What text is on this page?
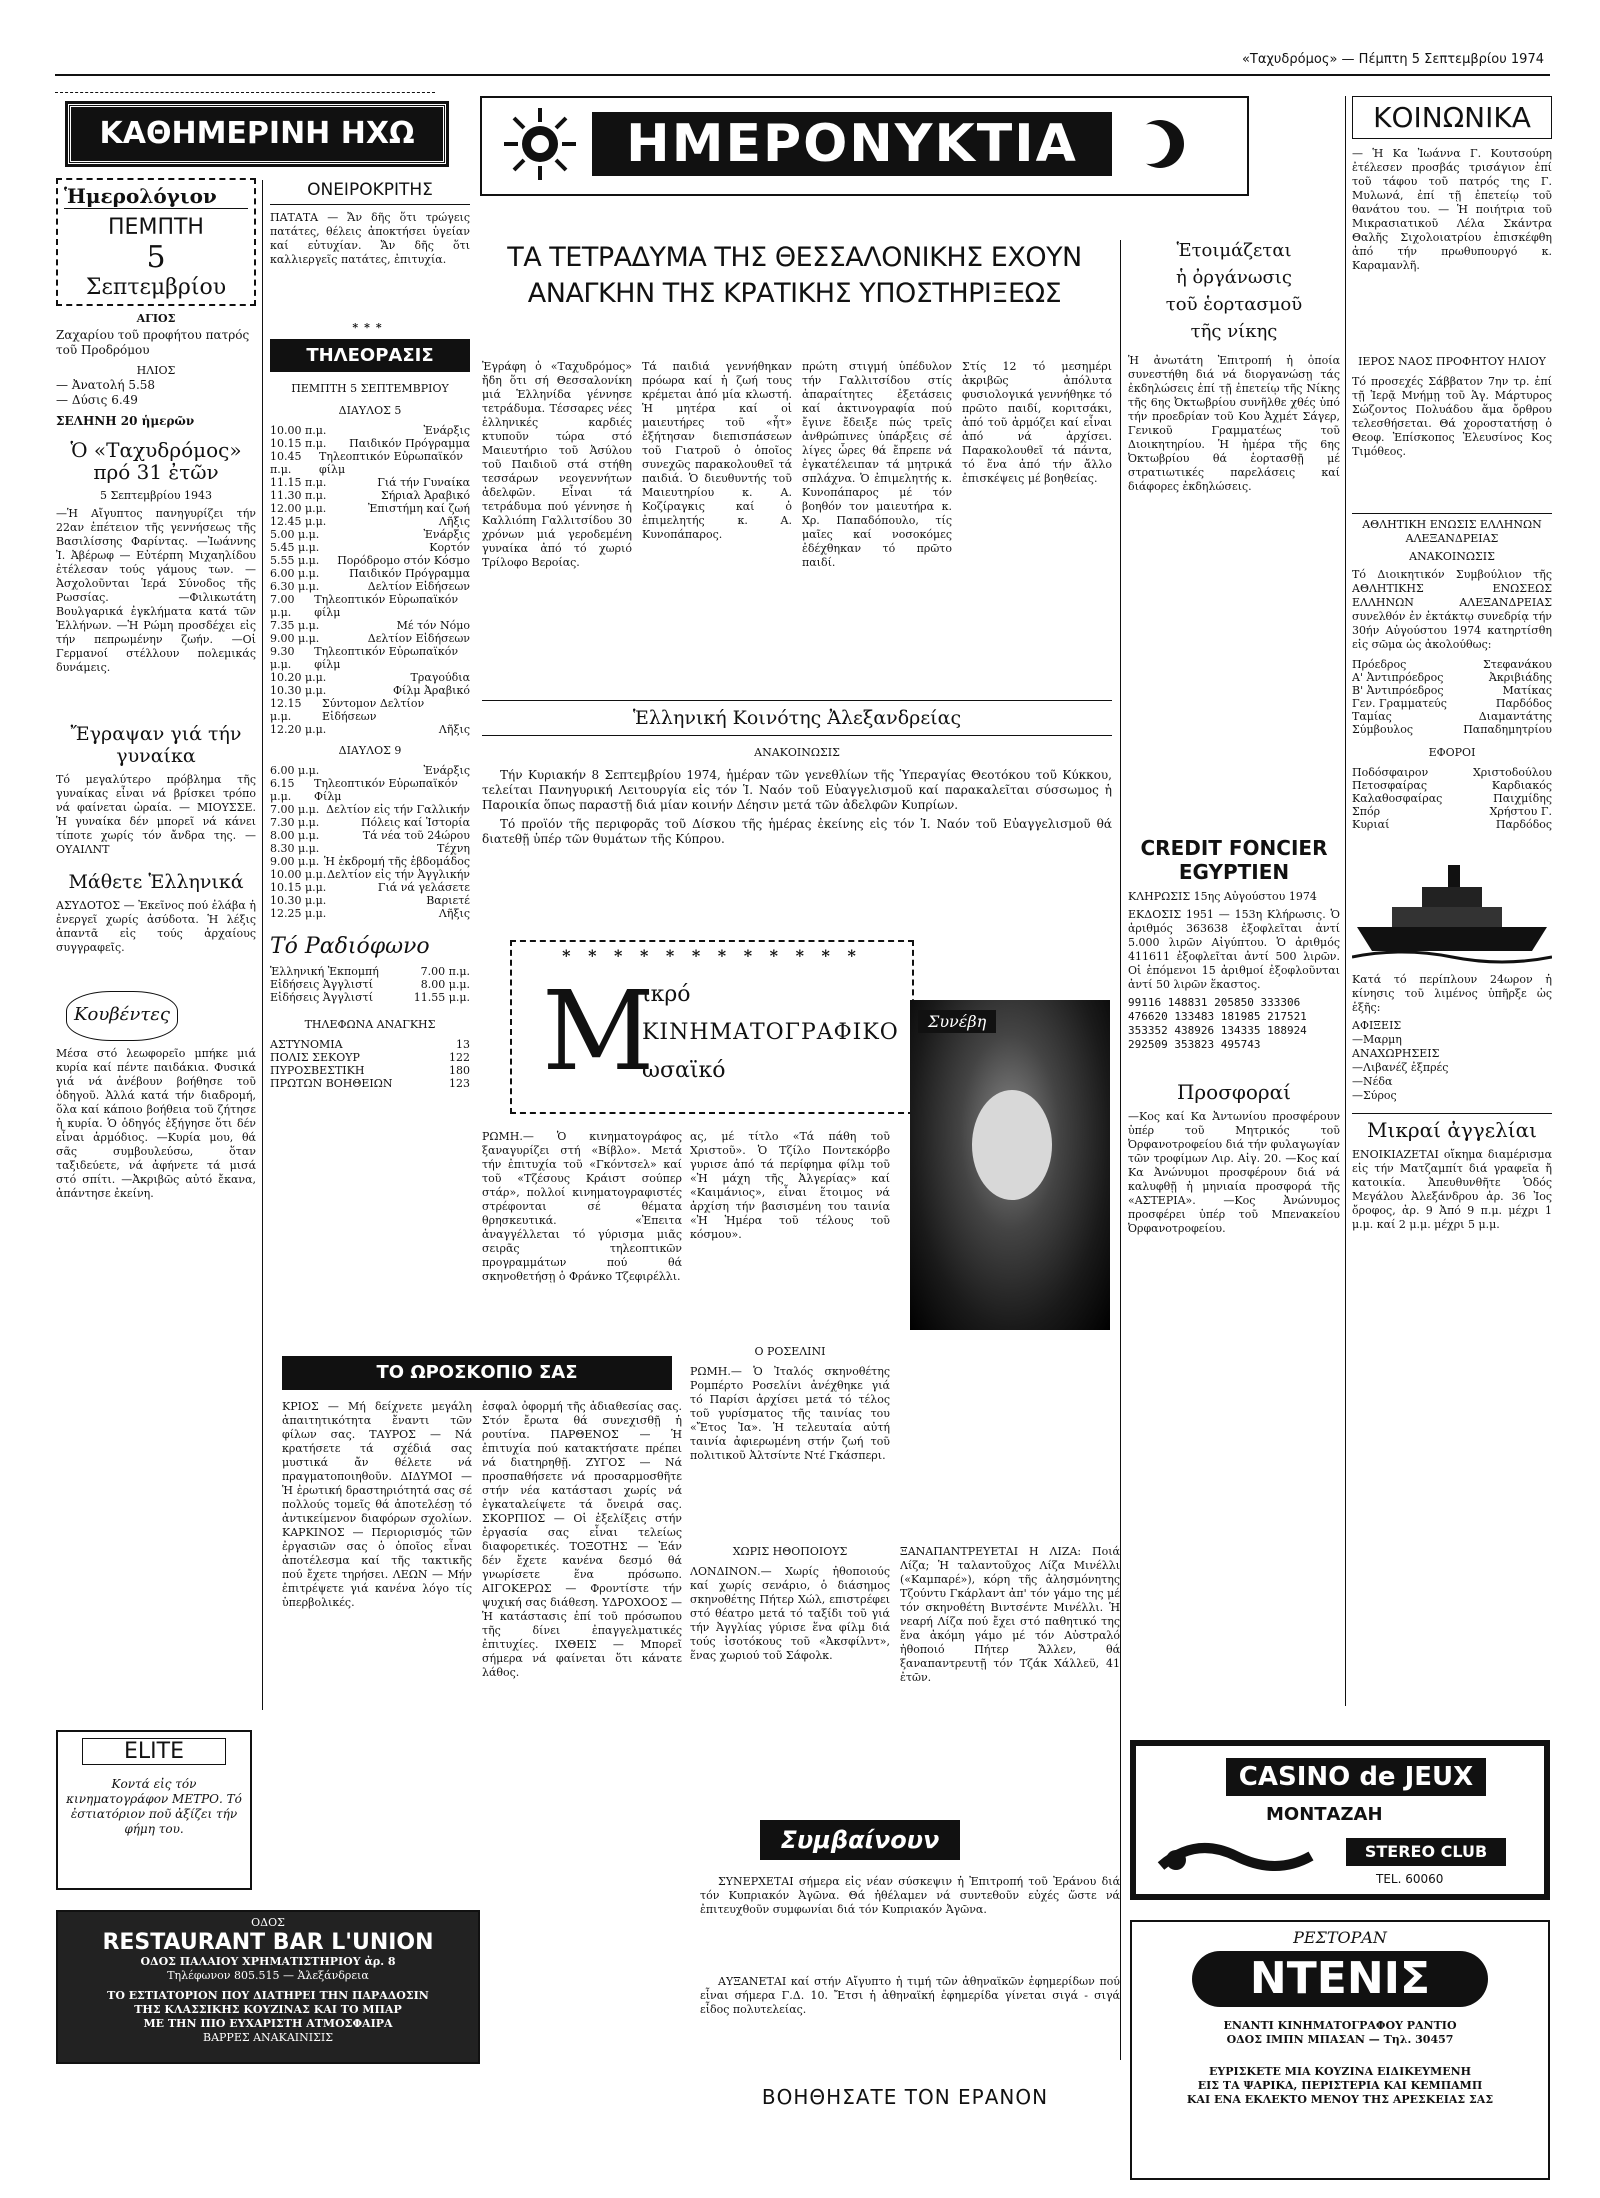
«Ταχυδρόμος» — Πέμπτη 5 Σεπτεμβρίου 1974
ΚΑΘΗΜΕΡΙΝΗ ΗΧΩ
Ἡμερολόγιον
ΠΕΜΠΤΗ
5
Σεπτεμβρίου
ΑΓΙΟΣ
Ζαχαρίου τοῦ προφήτου πατρός τοῦ Προδρόμου
ΗΛΙΟΣ
— Ἀνατολή 5.58
— Δύσις 6.49
ΣΕΛΗΝΗ 20 ἡμερῶν
Ὁ «Ταχυδρόμος» πρό 31 ἐτῶν
5 Σεπτεμβρίου 1943
—Ἡ Αἴγυπτος πανηγυρίζει τήν 22αν ἐπέτειον τῆς γεννήσεως τῆς Βασιλίσσης Φαρίντας. —Ἰωάννης Ἰ. Ἀβέρωφ — Εὐτέρπη Μιχαηλίδου ἐτέλεσαν τούς γάμους των. —Ἀσχολοῦνται Ἱερά Σύνοδος τῆς Ρωσσίας. —Φιλικωτάτη Βουλγαρικά ἐγκλήματα κατά τῶν Ἑλλήνων. —Ἡ Ρώμη προσδέχει εἰς τήν πεπρωμένην ζωήν. —Οἱ Γερμανοί στέλλουν πολεμικάς δυνάμεις.
Ἔγραψαν γιά τήν γυναίκα
Τό μεγαλύτερο πρόβλημα τῆς γυναίκας εἶναι νά βρίσκει τρόπο νά φαίνεται ὡραία. — ΜΙΟΥΣΣΕ. Ἡ γυναίκα δέν μπορεῖ νά κάνει τίποτε χωρίς τόν ἄνδρα της. — ΟΥΑΙΛΝΤ
Μάθετε Ἑλληνικά
ΑΣΥΔΟΤΟΣ — Ἐκεῖνος πού ἐλάβα ἡ ἐνεργεῖ χωρίς ἀσύδοτα. Ἡ λέξις ἀπαντᾶ εἰς τούς ἀρχαίους συγγραφεῖς.
Κουβέντες
Μέσα στό λεωφορεῖο μπήκε μιά κυρία καί πέντε παιδάκια. Φυσικά γιά νά ἀνέβουν βοήθησε τοῦ ὁδηγοῦ. Ἀλλά κατά τήν διαδρομή, ὅλα καί κάποιο βοήθεια τοῦ ζήτησε ἡ κυρία. Ὁ ὁδηγός ἐξήγησε ὅτι δέν εἶναι ἁρμόδιος. —Κυρία μου, θά σᾶς συμβουλεύσω, ὅταν ταξιδεύετε, νά ἀφήνετε τά μισά στό σπίτι. —Ἀκριβῶς αὐτό ἔκανα, ἀπάντησε ἐκείνη.
ELITE
Κοντά εἰς τόν κινηματογράφον ΜΕΤΡΟ. Τό ἐστιατόριον ποῦ ἀξίζει τήν φήμη του.
ΟΔΟΣ
RESTAURANT BAR L'UNION
ΟΔΟΣ ΠΑΛΑΙΟΥ ΧΡΗΜΑΤΙΣΤΗΡΙΟΥ ἀρ. 8
Τηλέφωνον 805.515 — Ἀλεξάνδρεια
ΤΟ ΕΣΤΙΑΤΟΡΙΟΝ ΠΟΥ ΔΙΑΤΗΡΕΙ ΤΗΝ ΠΑΡΑΔΟΣΙΝ
ΤΗΣ ΚΛΑΣΣΙΚΗΣ ΚΟΥΖΙΝΑΣ ΚΑΙ ΤΟ ΜΠΑΡ
ΜΕ ΤΗΝ ΠΙΟ ΕΥΧΑΡΙΣΤΗ ΑΤΜΟΣΦΑΙΡΑ
ΒΑΡΡΕΣ ΑΝΑΚΑΙΝΙΣΙΣ
ΟΝΕΙΡΟΚΡΙΤΗΣ
ΠΑΤΑΤΑ — Ἄν δῆς ὅτι τρώγεις πατάτες, θέλεις ἀποκτήσει ὑγείαν καί εὐτυχίαν. Ἄν δῆς ὅτι καλλιεργεῖς πατάτες, ἐπιτυχία.
***
ΤΗΛΕΟΡΑΣΙΣ
ΠΕΜΠΤΗ 5 ΣΕΠΤΕΜΒΡΙΟΥ
ΔΙΑΥΛΟΣ 5
10.00 π.μ.	Ἐνάρξις
10.15 π.μ. Παιδικόν Πρόγραμμα
10.45 π.μ.
Τηλεοπτικόν Εὐρωπαϊκόν φίλμ
11.15 π.μ.	Γιά τήν Γυναίκα
11.30 π.μ.	Σήριαλ Ἀραβικό
12.00 μ.μ.	Ἐπιστήμη καί ζωή
12.45 μ.μ.	Λῆξις
5.00 μ.μ.	Ἐνάρξις
5.45 μ.μ.	Κορτόν
5.55 μ.μ. Πορόδρομο στόν Κόσμο
6.00 μ.μ.	Παιδικόν Πρόγραμμα
6.30 μ.μ.	Δελτίον Εἰδήσεων
7.00 μ.μ.
Τηλεοπτικόν Εὐρωπαϊκόν φίλμ
7.35 μ.μ.	Μέ τόν Νόμο
9.00 μ.μ.	Δελτίον Εἰδήσεων
9.30 μ.μ.
Τηλεοπτικόν Εὐρωπαϊκόν φίλμ
10.20 μ.μ.	Τραγούδια
10.30 μ.μ.	Φίλμ Ἀραβικό
12.15 μ.μ.
Σύντομον Δελτίον Εἰδήσεων
12.20 μ.μ.	Λῆξις
ΔΙΑΥΛΟΣ 9
6.00 μ.μ.	Ἐνάρξις
6.15 μ.μ.
Τηλεοπτικόν Εὐρωπαϊκόν Φίλμ
7.00 μ.μ. Δελτίον εἰς τήν Γαλλικήν
7.30 μ.μ.	Πόλεις καί Ἱστορία
8.00 μ.μ.	Τά νέα τοῦ 24ώρου
8.30 μ.μ.	Τέχνη
9.00 μ.μ. Ἡ ἐκδρομή τῆς ἑβδομάδος
10.00 μ.μ. Δελτίον εἰς τήν Ἀγγλικήν
10.15 μ.μ.	Γιά νά γελάσετε
10.30 μ.μ.	Βαριετέ
12.25 μ.μ.	Λῆξις
Τό Ραδιόφωνο
Ἑλληνική Ἐκπομπή	7.00 π.μ.
Εἰδήσεις Ἀγγλιστί	8.00 μ.μ.
Εἰδήσεις Ἀγγλιστί	11.55 μ.μ.
ΤΗΛΕΦΩΝΑ ΑΝΑΓΚΗΣ
ΑΣΤΥΝΟΜΙΑ	13
ΠΟΛΙΣ ΣΕΚΟΥΡ	122
ΠΥΡΟΣΒΕΣΤΙΚΗ	180
ΠΡΩΤΩΝ ΒΟΗΘΕΙΩΝ	123
ΗΜΕΡΟΝΥΚΤΙΑ
ΤΑ ΤΕΤΡΑΔΥΜΑ ΤΗΣ ΘΕΣΣΑΛΟΝΙΚΗΣ ΕΧΟΥΝ
ΑΝΑΓΚΗΝ ΤΗΣ ΚΡΑΤΙΚΗΣ ΥΠΟΣΤΗΡΙΞΕΩΣ
Ἐγράφη ὁ «Ταχυδρόμος» ἤδη ὅτι σή Θεσσαλονίκη μιά Ἑλληνίδα γέννησε τετράδυμα. Τέσσαρες νέες ἑλληνικές καρδιές κτυποῦν τώρα στό Μαιευτήριο τοῦ Ἀσύλου τοῦ Παιδιοῦ στά στήθη τεσσάρων νεογεννήτων ἀδελφῶν. Εἶναι τά τετράδυμα πού γέννησε ἡ Καλλιόπη Γαλλιτσίδου 30 χρόνων μιά γεροδεμένη γυναίκα ἀπό τό χωριό Τρίλοφο Βεροίας.
Τά παιδιά γεννήθηκαν πρόωρα καί ἡ ζωή τους κρέμεται ἀπό μία κλωστή. Ἡ μητέρα καί οἱ μαιευτήρες τοῦ «ἦτ» ἐξήτησαν διεπισπάσεων τοῦ Γιατροῦ ὁ ὁποῖος συνεχῶς παρακολουθεῖ τά παιδιά. Ὁ διευθυντής τοῦ Μαιευτηρίου κ. Α. Κοζίραγκις καί ὁ ἐπιμελητής κ. Α. Κυνοπάπαρος.
πρώτη στιγμή ὑπέδυλον τήν Γαλλιτσίδου στίς ἀπαραίτητες ἐξετάσεις καί ἀκτινογραφία πού ἔγινε ἔδειξε πώς τρεῖς ἀνθρώπινες ὑπάρξεις σέ λίγες ὧρες θά ἔπρεπε νά ἐγκατέλειπαν τά μητρικά σπλάχνα. Ὁ ἐπιμελητής κ. Κυνοπάπαρος μέ τόν βοηθόν τον μαιευτήρα κ. Χρ. Παπαδόπουλο, τίς μαῖες καί νοσοκόμες ἐδέχθηκαν τό πρῶτο παιδί.
Στίς 12 τό μεσημέρι ἀκριβῶς ἀπόλυτα φυσιολογικά γεννήθηκε τό πρῶτο παιδί, κοριτσάκι, ἀπό τοῦ ἀρμόζει καί εἶναι ἀπό νά ἀρχίσει. Παρακολουθεῖ τά πάντα, τό ἕνα ἀπό τήν ἄλλο ἐπισκέψεις μέ βοηθείας.
Ἑλληνική Κοινότης Ἀλεξανδρείας
ΑΝΑΚΟΙΝΩΣΙΣ

Τήν Κυριακήν 8 Σεπτεμβρίου 1974, ἡμέραν τῶν γενεθλίων τῆς Ὑπεραγίας Θεοτόκου τοῦ Κύκκου, τελείται Πανηγυρική Λειτουργία εἰς τόν Ἱ. Ναόν τοῦ Εὐαγγελισμοῦ καί παρακαλεῖται σύσσωμος ἡ Παροικία ὅπως παραστῇ διά μίαν κοινήν Δέησιν μετά τῶν ἀδελφῶν Κυπρίων.

Τό προϊόν τῆς περιφορᾶς τοῦ Δίσκου τῆς ἡμέρας ἐκείνης εἰς τόν Ἱ. Ναόν τοῦ Εὐαγγελισμοῦ θά διατεθῇ ὑπέρ τῶν θυμάτων τῆς Κύπρου.

* * * * * * * * * * * *
Μ
ικρό
ΚΙΝΗΜΑΤΟΓΡΑΦΙΚΟ
ωσαϊκό
ΡΩΜΗ.— Ὁ κινηματογράφος ξαναγυρίζει στή «Βίβλο». Μετά τήν ἐπιτυχία τοῦ «Γκόντσελ» καί τοῦ «Τζέσους Κράιστ σούπερ στάρ», πολλοί κινηματογραφιστές στρέφονται σέ θέματα θρησκευτικά. «Ἐπειτα ἀναγγέλλεται τό γύρισμα μιᾶς σειρᾶς τηλεοπτικῶν προγραμμάτων πού θά σκηνοθετήσῃ ὁ Φράνκο Τζεφιρέλλι.
ας, μέ τίτλο «Τά πάθη τοῦ Χριστοῦ». Ὁ Τζίλο Ποντεκόρβο γυρισε ἀπό τά περίφημα φίλμ τοῦ «Ἡ μάχη τῆς Ἀλγερίας» καί «Καιμάνιος», εἶναι ἕτοιμος νά ἀρχίση τήν βασισμένη του ταινία «Ἡ Ἡμέρα τοῦ τέλους τοῦ κόσμου».
Ο ΡΟΣΕΛΙΝΙ
ΡΩΜΗ.— Ὁ Ἰταλός σκηνοθέτης Ρομπέρτο Ροσελίνι ἀνέχθηκε γιά τό Παρίσι ἀρχίσει μετά τό τέλος τοῦ γυρίσματος τῆς ταινίας του «Ἔτος Ἰα». Ἡ τελευταία αὐτή ταινία ἀφιερωμένη στήν ζωή τοῦ πολιτικοῦ Ἀλτσίντε Ντέ Γκάσπερι.
ΧΩΡΙΣ ΗΘΟΠΟΙΟΥΣ
ΛΟΝΔΙΝΟΝ.— Χωρίς ἠθοποιούς καί χωρίς σενάριο, ὁ διάσημος σκηνοθέτης Πήτερ Χώλ, επιστρέφει στό θέατρο μετά τό ταξίδι τοῦ γιά τήν Ἀγγλίας γύρισε ἕνα φίλμ διά τούς ἰσοτόκους τοῦ «Ἀκσφίλντ», ἕνας χωριού τοῦ Σάφολκ.
ΤΟ ΩΡΟΣΚΟΠΙΟ ΣΑΣ
ΚΡΙΟΣ — Μή δείχνετε μεγάλη ἀπαιτητικότητα ἔναντι τῶν φίλων σας. ΤΑΥΡΟΣ — Νά κρατήσετε τά σχέδιά σας μυστικά ἄν θέλετε νά πραγματοποιηθοῦν. ΔΙΔΥΜΟΙ — Ἡ ἐρωτική δραστηριότητά σας σέ πολλούς τομεῖς θά ἀποτελέσῃ τό ἀντικείμενον διαφόρων σχολίων. ΚΑΡΚΙΝΟΣ — Περιορισμός τῶν ἐργασιῶν σας ὁ ὁποῖος εἶναι ἀποτέλεσμα καί τῆς τακτικῆς πού ἔχετε τηρήσει. ΛΕΩΝ — Μήν ἐπιτρέψετε γιά κανένα λόγο τίς ὑπερβολικές.
ἐσφαλ ὀφορμή τῆς ἀδιαθεσίας σας. Στόν ἔρωτα θά συνεχισθῇ ἡ ρουτίνα. ΠΑΡΘΕΝΟΣ — Ἡ ἐπιτυχία πού κατακτήσατε πρέπει νά διατηρηθῇ. ΖΥΓΟΣ — Νά προσπαθήσετε νά προσαρμοσθῆτε στήν νέα κατάστασι χωρίς νά ἐγκαταλείψετε τά ὄνειρά σας. ΣΚΟΡΠΙΟΣ — Οἱ ἐξελίξεις στήν ἐργασία σας εἶναι τελείως διαφορετικές. ΤΟΞΟΤΗΣ — Ἐάν δέν ἔχετε κανένα δεσμό θά γνωρίσετε ἕνα πρόσωπο. ΑΙΓΟΚΕΡΩΣ — Φροντίστε τήν ψυχική σας διάθεση. ΥΔΡΟΧΟΟΣ — Ἡ κατάστασις ἐπί τοῦ πρόσωπου τῆς δίνει ἐπαγγελματικές ἐπιτυχίες. ΙΧΘΕΙΣ — Μπορεῖ σήμερα νά φαίνεται ὅτι κάνατε λάθος.
Συνέβη
ΞΑΝΑΠΑΝΤΡΕΥΕΤΑΙ Η ΛΙΖΑ: Ποιά Λίζα; Ἡ ταλαντοῦχος Λίζα Μινέλλι («Καμπαρέ»), κόρη τῆς ἀλησμόνητης Τζούντυ Γκάρλαντ ἀπ' τόν γάμο της μέ τόν σκηνοθέτη Βιντσέντε Μινέλλι. Ἡ νεαρή Λίζα πού ἔχει στό παθητικό της ἕνα ἀκόμη γάμο μέ τόν Αὐστραλό ἠθοποιό Πήτερ Ἄλλεν, θά ξαναπαντρευτῇ τόν Τζάκ Χάλλεϋ, 41 ἐτῶν.
Συμβαίνουν

ΣΥΝΕΡΧΕΤΑΙ σήμερα εἰς νέαν σύσκεψιν ἡ Ἐπιτροπή τοῦ Ἐράνου διά τόν Κυπριακόν Ἀγῶνα. Θά ἠθέλαμεν νά συντεθοῦν εὐχές ὥστε νά ἐπιτευχθοῦν συμφωνίαι διά τόν Κυπριακόν Ἀγῶνα.

ΑΥΞΑΝΕΤΑΙ καί στήν Αἴγυπτο ἡ τιμή τῶν ἀθηναϊκῶν ἐφημερίδων πού εἶναι σήμερα Γ.Δ. 10. Ἔτσι ἡ ἀθηναϊκή ἐφημερίδα γίνεται σιγά - σιγά εἶδος πολυτελείας.

ΒΟΗΘΗΣΑΤΕ ΤΟΝ ΕΡΑΝΟΝ
Ἑτοιμάζεται
ἡ ὀργάνωσις
τοῦ ἑορτασμοῦ
τῆς νίκης
Ἡ ἀνωτάτη Ἐπιτροπή ἡ ὁποία συνεστήθη διά νά διοργανώσῃ τάς ἐκδηλώσεις ἐπί τῇ ἐπετείῳ τῆς Νίκης τῆς 6ης Ὀκτωβρίου συνῆλθε χθές ὑπό τήν προεδρίαν τοῦ Κου Ἀχμέτ Σάγερ, Γενικοῦ Γραμματέως τοῦ Διοικητηρίου. Ἡ ἡμέρα τῆς 6ης Ὀκτωβρίου θά ἑορτασθῇ μέ στρατιωτικές παρελάσεις καί διάφορες ἐκδηλώσεις.
CREDIT FONCIER
EGYPTIEN
ΚΛΗΡΩΣΙΣ 15ης Αὐγούστου 1974
ΕΚΔΟΣΙΣ 1951 — 153η Κλήρωσις. Ὁ ἀριθμός 363638 ἐξοφλεῖται ἀντί 5.000 λιρῶν Αἰγύπτου. Ὁ ἀριθμός 411611 ἐξοφλεῖται ἀντί 500 λιρῶν. Οἱ ἑπόμενοι 15 ἀριθμοί ἐξοφλοῦνται ἀντί 50 λιρῶν ἕκαστος.
99116 148831 205850 333306 476620 133483 181985 217521 353352 438926 134335 188924 292509 353823 495743
Προσφοραί
—Κος καί Κα Ἀντωνίου προσφέρουν ὑπέρ τοῦ Μητρικός τοῦ Ὀρφανοτροφείου διά τήν φυλαγωγίαν τῶν τροφίμων Λιρ. Αἰγ. 20. —Κος καί Κα Ἀνώνυμοι προσφέρουν διά νά καλυφθῇ ἡ μηνιαία προσφορά τῆς «ΑΣΤΕΡΙΑ». —Κος Ἀνώνυμος προσφέρει ὑπέρ τοῦ Μπενακείου Ὀρφανοτροφείου.
ΚΟΙΝΩΝΙΚΑ
— Ἡ Κα Ἰωάννα Γ. Κουτσούρη ἐτέλεσεν προσβάς τρισάγιον ἐπί τοῦ τάφου τοῦ πατρός της Γ. Μυλωνά, ἐπί τῇ ἐπετείῳ τοῦ θανάτου του. — Ἡ ποιήτρια τοῦ Μικρασιατικοῦ Λέλα Σκάντρα Θαλῆς Σιχολοιατρίου ἐπισκέφθη ἀπό τήν πρωθυπουργό κ. Καραμανλῆ.
ΙΕΡΟΣ ΝΑΟΣ ΠΡΟΦΗΤΟΥ ΗΛΙΟΥ
Τό προσεχές Σάββατον 7ην τρ. ἐπί τῇ Ἱερᾷ Μνήμῃ τοῦ Ἁγ. Μάρτυρος Σώζοντος Πολυάδου ἅμα ὄρθρου τελεσθήσεται. Θά χοροστατήσῃ ὁ Θεοφ. Ἐπίσκοπος Ἐλευσίνος Κος Τιμόθεος.
ΑΘΛΗΤΙΚΗ ΕΝΩΣΙΣ ΕΛΛΗΝΩΝ ΑΛΕΞΑΝΔΡΕΙΑΣ
ΑΝΑΚΟΙΝΩΣΙΣ
Τό Διοικητικόν Συμβούλιον τῆς ΑΘΛΗΤΙΚΗΣ ΕΝΩΣΕΩΣ ΕΛΛΗΝΩΝ ΑΛΕΞΑΝΔΡΕΙΑΣ συνελθόν ἐν ἐκτάκτῳ συνεδρίᾳ τήν 30ήν Αὐγούστου 1974 κατηρτίσθη εἰς σῶμα ὡς ἀκολούθως:
Πρόεδρος	Στεφανάκου
Α' Ἀντιπρόεδρος	Ἀκριβιάδης
Β' Ἀντιπρόεδρος	Ματίκας
Γεν. Γραμματεύς	Παρδόδος
Ταμίας	Διαμαντάτης
Σύμβουλος	Παπαδημητρίου
ΕΦΟΡΟΙ
Ποδόσφαιρον	Χριστοδούλου
Πετοσφαίρας	Καρδιακός
Καλαθοσφαίρας	Παιχμίδης
Σπόρ	Χρήστου Γ.
Κυριαί	Παρδόδος
Κατά τό περίπλουν 24ωρον ἡ κίνησις τοῦ λιμένος ὑπῆρξε ὡς ἑξῆς:
ΑΦΙΞΕΙΣ
—Μαρμη
ΑΝΑΧΩΡΗΣΕΙΣ
—Λιβανέζ ἐξπρές
—Νέδα
—Σύρος
Μικραί ἀγγελίαι
ΕΝΟΙΚΙΑΖΕΤΑΙ οἴκημα διαμέρισμα εἰς τήν Ματζαμπίτ διά γραφεῖα ἤ κατοικία. Ἀπευθυνθῆτε Ὁδός Μεγάλου Ἀλεξάνδρου ἀρ. 36 Ἰος ὄροφος, ἀρ. 9 Ἀπό 9 π.μ. μέχρι 1 μ.μ. καί 2 μ.μ. μέχρι 5 μ.μ.
CASINO de JEUX
ΜΟΝΤΑΖΑΗ
STEREO CLUB
TEL. 60060
ΡΕΣΤΟΡΑΝ
ΝΤΕΝΙΣ
ΕΝΑΝΤΙ ΚΙΝΗΜΑΤΟΓΡΑΦΟΥ ΡΑΝΤΙΟ
ΟΔΟΣ ΙΜΠΝ ΜΠΑΣΑΝ — Τηλ. 30457
ΕΥΡΙΣΚΕΤΕ ΜΙΑ ΚΟΥΖΙΝΑ ΕΙΔΙΚΕΥΜΕΝΗ
ΕΙΣ ΤΑ ΨΑΡΙΚΑ, ΠΕΡΙΣΤΕΡΙΑ ΚΑΙ ΚΕΜΠΑΜΠ
ΚΑΙ ΕΝΑ ΕΚΛΕΚΤΟ ΜΕΝΟΥ ΤΗΣ ΑΡΕΣΚΕΙΑΣ ΣΑΣ
